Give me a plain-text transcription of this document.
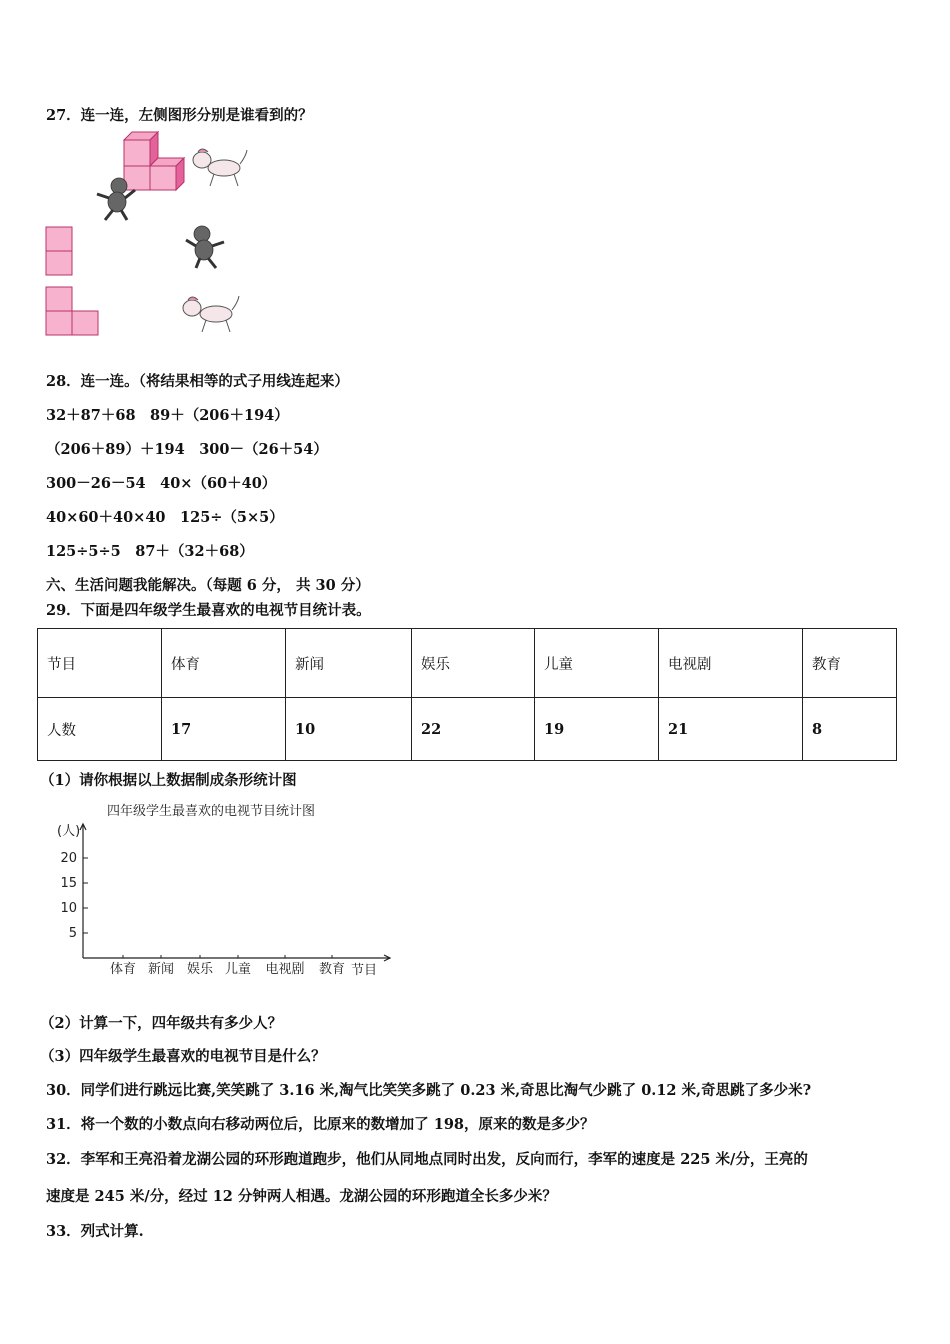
27．连一连，左侧图形分别是谁看到的？
28．连一连。（将结果相等的式子用线连起来）
32＋87＋68　89＋（206＋194）
（206＋89）＋194　300－（26＋54）
300－26－54　40×（60＋40）
40×60＋40×40　125÷（5×5）
125÷5÷5　87＋（32＋68）
六、生活问题我能解决。（每题 6 分， 共 30 分）
29．下面是四年级学生最喜欢的电视节目统计表。
节目	体育	新闻	娱乐	儿童	电视剧	教育
人数	17	10	22	19	21	8
（1）请你根据以上数据制成条形统计图
四年级学生最喜欢的电视节目统计图
(人)
节目
5
10
15
20
体育 新闻 娱乐 儿童 电视剧 教育
（2）计算一下，四年级共有多少人？
（3）四年级学生最喜欢的电视节目是什么？
30．同学们进行跳远比赛,笑笑跳了 3.16 米,淘气比笑笑多跳了 0.23 米,奇思比淘气少跳了 0.12 米,奇思跳了多少米?
31．将一个数的小数点向右移动两位后，比原来的数增加了 198，原来的数是多少？
32．李军和王亮沿着龙湖公园的环形跑道跑步，他们从同地点同时出发，反向而行，李军的速度是 225 米/分，王亮的
速度是 245 米/分，经过 12 分钟两人相遇。龙湖公园的环形跑道全长多少米？
33．列式计算.
